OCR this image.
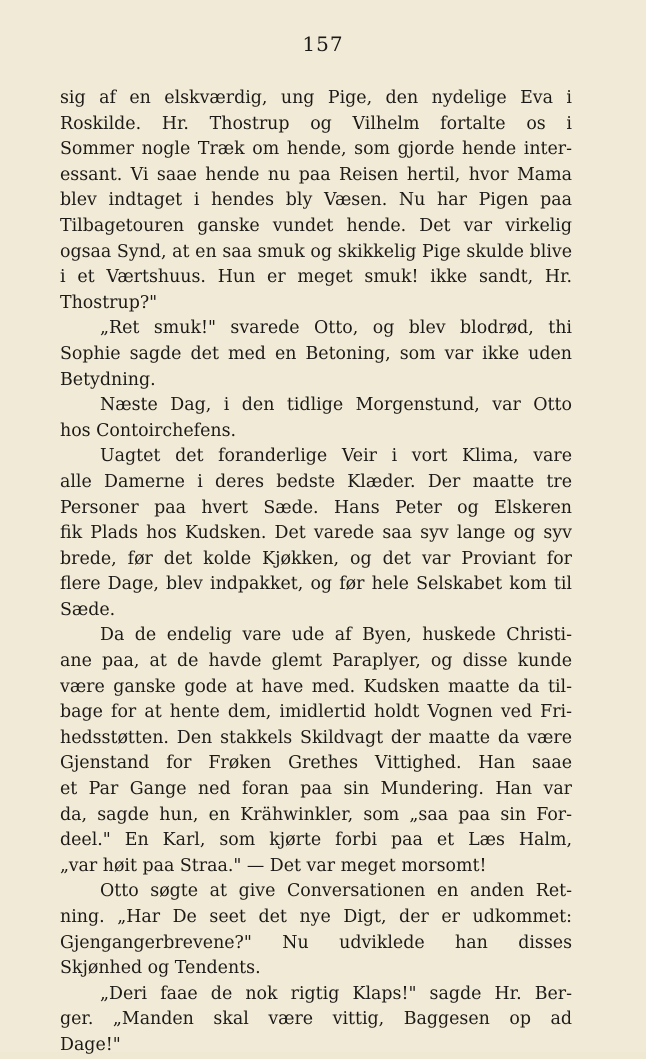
157
sig af en elskværdig, ung Pige, den nydelige Eva i
Roskilde. Hr. Thostrup og Vilhelm fortalte os i
Sommer nogle Træk om hende, som gjorde hende inter-
essant. Vi saae hende nu paa Reisen hertil, hvor Mama
blev indtaget i hendes bly Væsen. Nu har Pigen paa
Tilbagetouren ganske vundet hende. Det var virkelig
ogsaa Synd, at en saa smuk og skikkelig Pige skulde blive
i et Værtshuus. Hun er meget smuk! ikke sandt, Hr.
Thostrup?"
„Ret smuk!" svarede Otto, og blev blodrød, thi
Sophie sagde det med en Betoning, som var ikke uden
Betydning.
Næste Dag, i den tidlige Morgenstund, var Otto
hos Contoirchefens.
Uagtet det foranderlige Veir i vort Klima, vare
alle Damerne i deres bedste Klæder. Der maatte tre
Personer paa hvert Sæde. Hans Peter og Elskeren
fik Plads hos Kudsken. Det varede saa syv lange og syv
brede, før det kolde Kjøkken, og det var Proviant for
flere Dage, blev indpakket, og før hele Selskabet kom til
Sæde.
Da de endelig vare ude af Byen, huskede Christi-
ane paa, at de havde glemt Paraplyer, og disse kunde
være ganske gode at have med. Kudsken maatte da til-
bage for at hente dem, imidlertid holdt Vognen ved Fri-
hedsstøtten. Den stakkels Skildvagt der maatte da være
Gjenstand for Frøken Grethes Vittighed. Han saae
et Par Gange ned foran paa sin Mundering. Han var
da, sagde hun, en Krähwinkler, som „saa paa sin For-
deel." En Karl, som kjørte forbi paa et Læs Halm,
„var høit paa Straa." — Det var meget morsomt!
Otto søgte at give Conversationen en anden Ret-
ning. „Har De seet det nye Digt, der er udkommet:
Gjengangerbrevene?" Nu udviklede han disses
Skjønhed og Tendents.
„Deri faae de nok rigtig Klaps!" sagde Hr. Ber-
ger. „Manden skal være vittig, Baggesen op ad
Dage!"
